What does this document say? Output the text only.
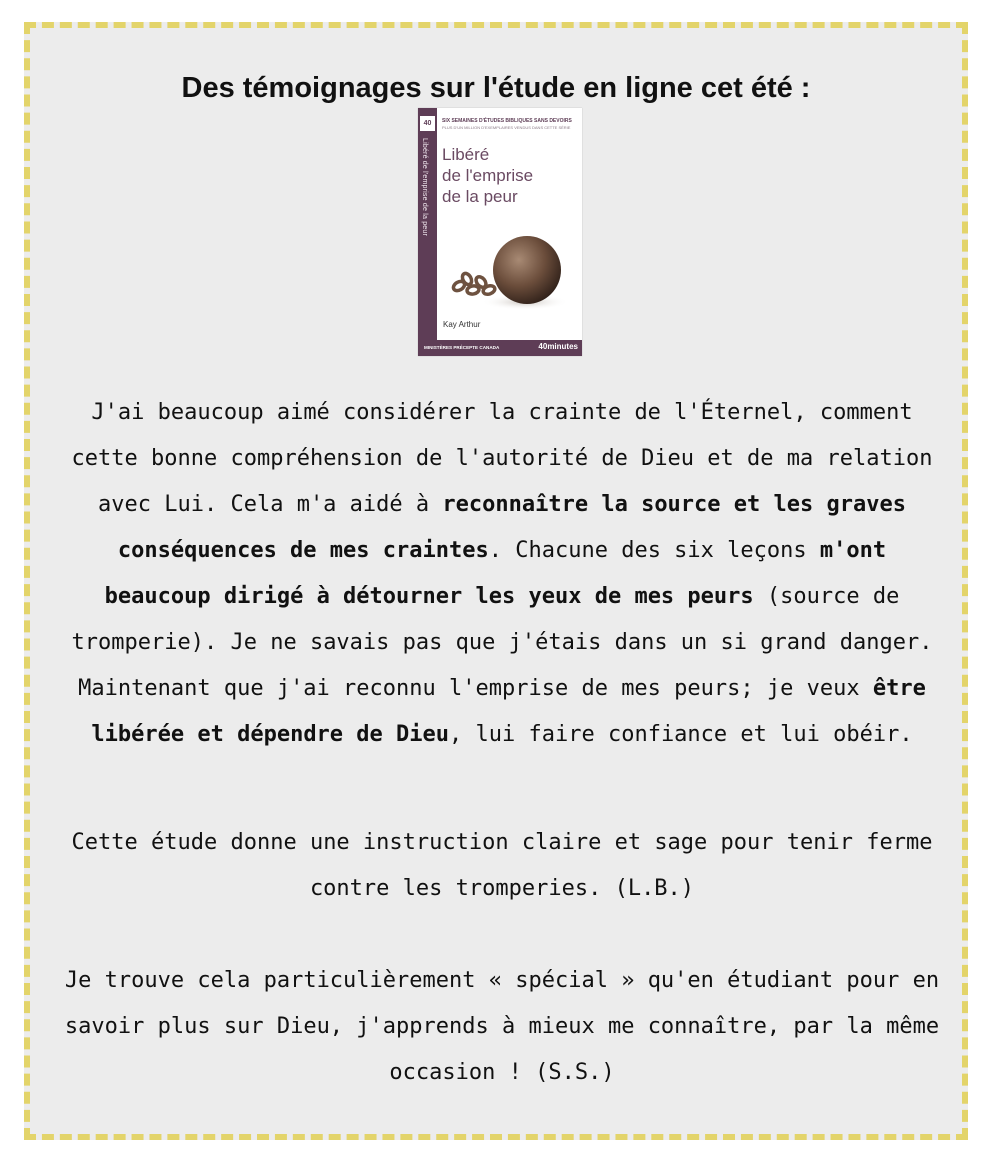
Des témoignages sur l'étude en ligne cet été :
40
Libéré de l'emprise de la peur
SIX SEMAINES D'ÉTUDES BIBLIQUES SANS DEVOIRS
PLUS D'UN MILLION D'EXEMPLAIRES VENDUS DANS CETTE SÉRIE
Libéré
de l'emprise
de la peur
Kay Arthur
MINISTÈRES PRÉCEPTE CANADA	40minutes

J'ai beaucoup aimé considérer la crainte de l'Éternel, comment cette bonne compréhension de l'autorité de Dieu et de ma relation avec Lui. Cela m'a aidé à reconnaître la source et les graves conséquences de mes craintes. Chacune des six leçons m'ont beaucoup dirigé à détourner les yeux de mes peurs (source de tromperie). Je ne savais pas que j'étais dans un si grand danger. Maintenant que j'ai reconnu l'emprise de mes peurs; je veux être libérée et dépendre de Dieu, lui faire confiance et lui obéir.

Cette étude donne une instruction claire et sage pour tenir ferme contre les tromperies. (L.B.)

Je trouve cela particulièrement « spécial » qu'en étudiant pour en savoir plus sur Dieu, j'apprends à mieux me connaître, par la même occasion ! (S.S.)
